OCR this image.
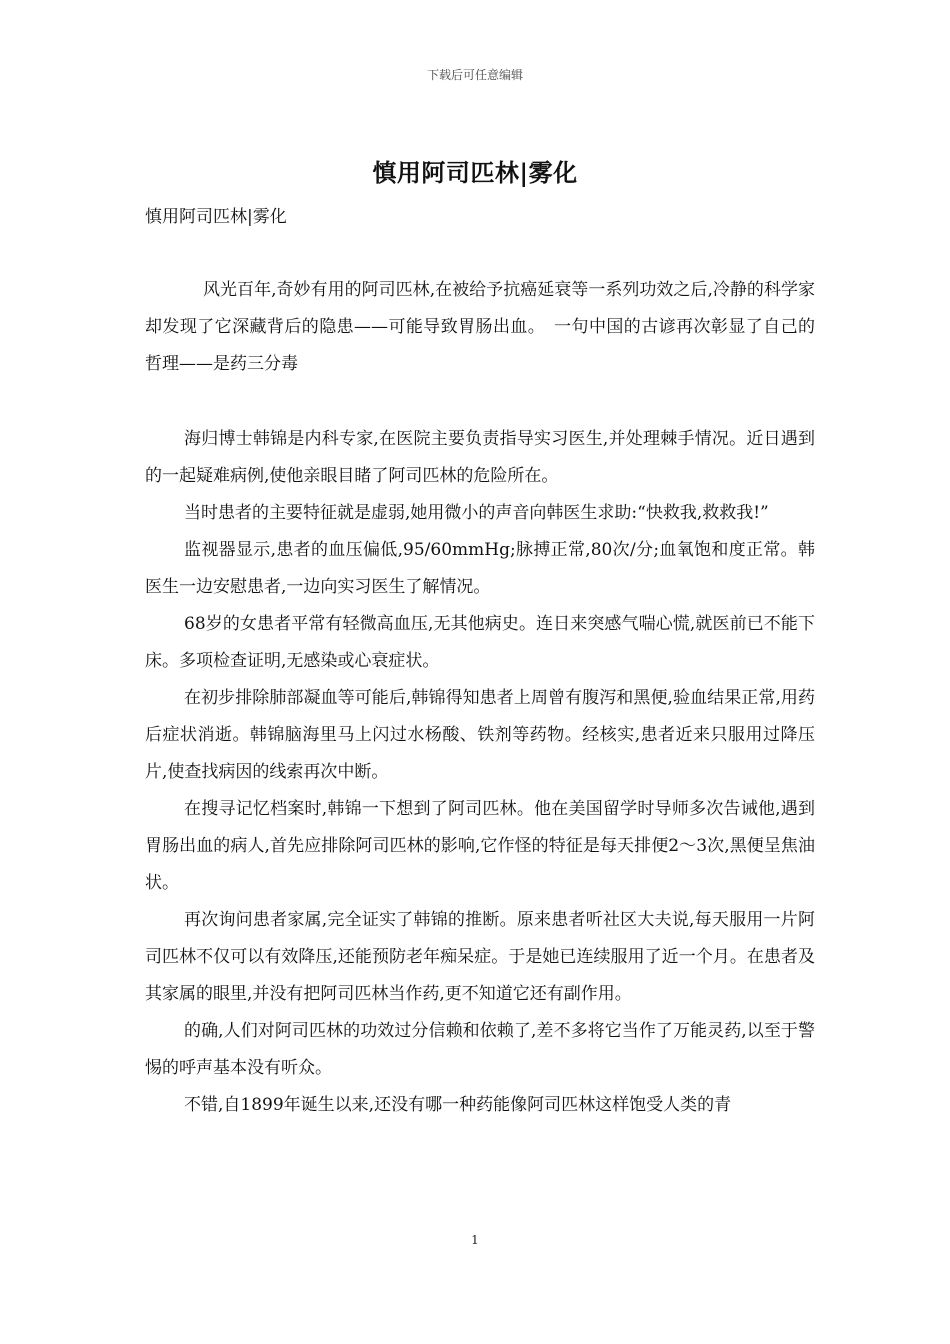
下载后可任意编辑
慎用阿司匹林|雾化
慎用阿司匹林|雾化

风光百年,奇妙有用的阿司匹林,在被给予抗癌延衰等一系列功效之后,冷静的科学家却发现了它深藏背后的隐患——可能导致胃肠出血。　一句中国的古谚再次彰显了自己的哲理——是药三分毒

海归博士韩锦是内科专家,在医院主要负责指导实习医生,并处理棘手情况。近日遇到的一起疑难病例,使他亲眼目睹了阿司匹林的危险所在。

当时患者的主要特征就是虚弱,她用微小的声音向韩医生求助:“快救我,救救我!”

监视器显示,患者的血压偏低,95/60mmHg;脉搏正常,80次/分;血氧饱和度正常。韩医生一边安慰患者,一边向实习医生了解情况。

68岁的女患者平常有轻微高血压,无其他病史。连日来突感气喘心慌,就医前已不能下床。多项检查证明,无感染或心衰症状。

在初步排除肺部凝血等可能后,韩锦得知患者上周曾有腹泻和黑便,验血结果正常,用药后症状消逝。韩锦脑海里马上闪过水杨酸、铁剂等药物。经核实,患者近来只服用过降压片,使查找病因的线索再次中断。

在搜寻记忆档案时,韩锦一下想到了阿司匹林。他在美国留学时导师多次告诫他,遇到胃肠出血的病人,首先应排除阿司匹林的影响,它作怪的特征是每天排便2～3次,黑便呈焦油状。

再次询问患者家属,完全证实了韩锦的推断。原来患者听社区大夫说,每天服用一片阿司匹林不仅可以有效降压,还能预防老年痴呆症。于是她已连续服用了近一个月。在患者及其家属的眼里,并没有把阿司匹林当作药,更不知道它还有副作用。

的确,人们对阿司匹林的功效过分信赖和依赖了,差不多将它当作了万能灵药,以至于警惕的呼声基本没有听众。

不错,自1899年诞生以来,还没有哪一种药能像阿司匹林这样饱受人类的青

1
